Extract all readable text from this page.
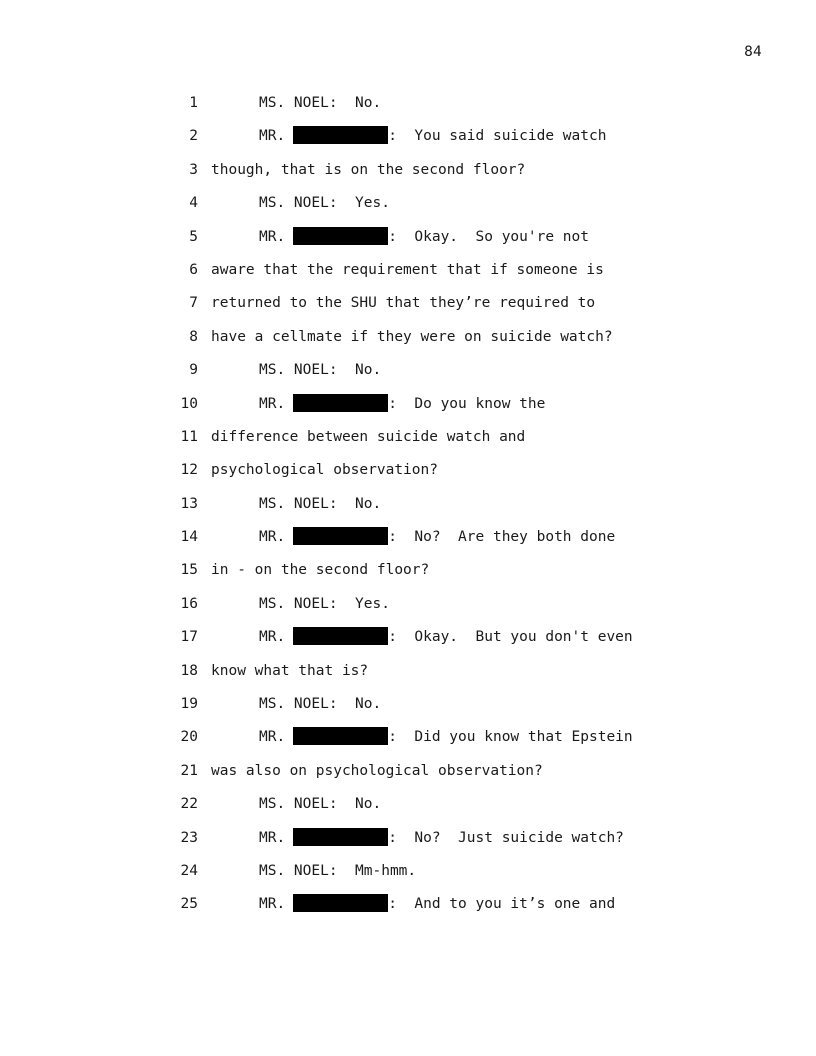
84
1	MS. NOEL:  No.
2	MR.	:  You said suicide watch
3 though, that is on the second floor?
4	MS. NOEL:  Yes.
5	MR.	:  Okay.  So you're not
6 aware that the requirement that if someone is
7 returned to the SHU that they’re required to
8 have a cellmate if they were on suicide watch?
9	MS. NOEL:  No.
10	MR.	:  Do you know the
11 difference between suicide watch and
12 psychological observation?
13	MS. NOEL:  No.
14	MR.	:  No?  Are they both done
15 in - on the second floor?
16	MS. NOEL:  Yes.
17	MR.	:  Okay.  But you don't even
18 know what that is?
19	MS. NOEL:  No.
20	MR.	:  Did you know that Epstein
21 was also on psychological observation?
22	MS. NOEL:  No.
23	MR.	:  No?  Just suicide watch?
24	MS. NOEL:  Mm-hmm.
25	MR.	:  And to you it’s one and
